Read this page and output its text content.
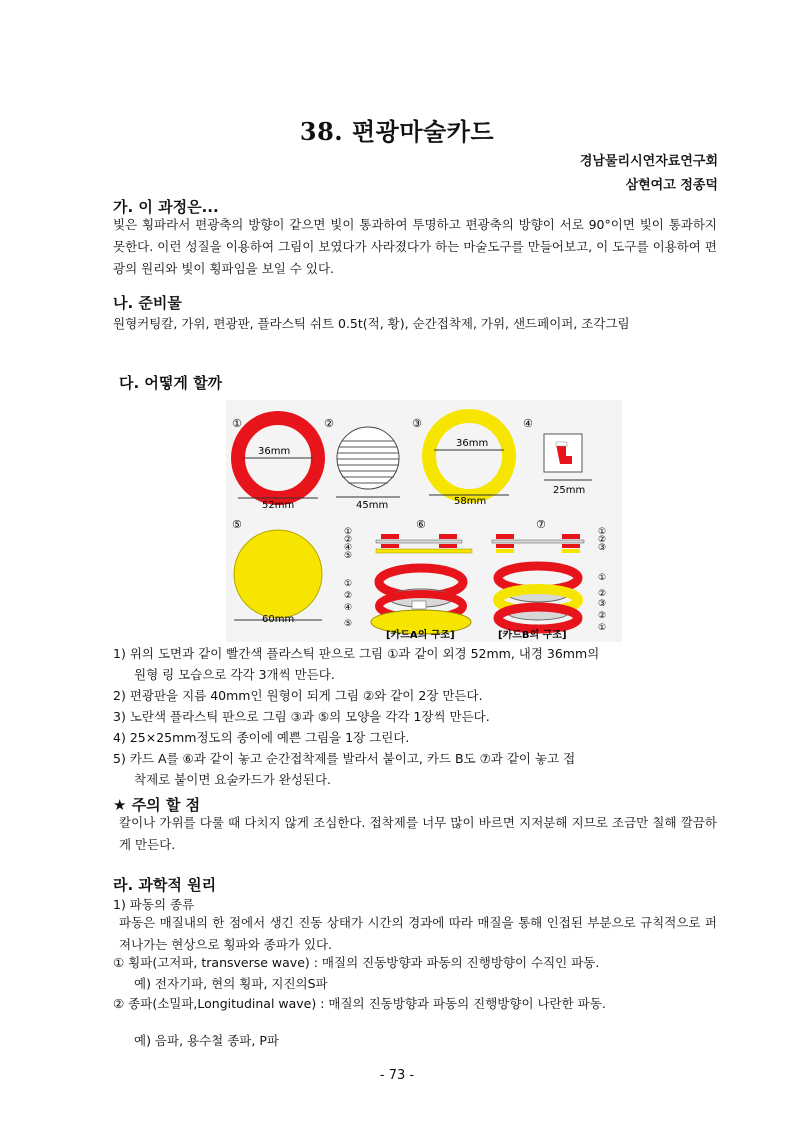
38. 편광마술카드
경남물리시연자료연구회
삼현여고 정종덕
가. 이 과정은...
빛은 횡파라서 편광축의 방향이 같으면 빛이 통과하여 투명하고 편광축의 방향이 서로 90°이면 빛이 통과하지 못한다. 이런 성질을 이용하여 그림이 보였다가 사라졌다가 하는 마술도구를 만들어보고, 이 도구를 이용하여 편광의 원리와 빛이 횡파임을 보일 수 있다.
나. 준비물
원형커팅칼, 가위, 편광판, 플라스틱 쉬트 0.5t(적, 황), 순간접착제, 가위, 샌드페이퍼, 조각그림
다. 어떻게 할까
①
36mm
52mm
②
45mm
③
36mm
58mm
④
25mm
⑤
60mm
⑥
①
②
④
⑤
⑦
①
②
③
①
②
④
⑤
①
②
③
②
①
[카드A의 구조]	[카드B의 구조]
1) 위의 도면과 같이 빨간색 플라스틱 판으로 그림 ①과 같이 외경 52mm, 내경 36mm의
원형 링 모습으로 각각 3개씩 만든다.
2) 편광판을 지름 40mm인 원형이 되게 그림 ②와 같이 2장 만든다.
3) 노란색 플라스틱 판으로 그림 ③과 ⑤의 모양을 각각 1장씩 만든다.
4) 25×25mm정도의 종이에 예쁜 그림을 1장 그린다.
5) 카드 A를 ⑥과 같이 놓고 순간접착제를 발라서 붙이고, 카드 B도 ⑦과 같이 놓고 접
착제로 붙이면 요술카드가 완성된다.
★ 주의 할 점
칼이나 가위를 다룰 때 다치지 않게 조심한다. 접착제를 너무 많이 바르면 지저분해 지므로 조금만 칠해 깔끔하게 만든다.
라. 과학적 원리
1) 파동의 종류
파동은 매질내의 한 점에서 생긴 진동 상태가 시간의 경과에 따라 매질을 통해 인접된 부분으로 규칙적으로 퍼져나가는 현상으로 횡파와 종파가 있다.
① 횡파(고저파, transverse wave) : 매질의 진동방향과 파동의 진행방향이 수직인 파동.
예) 전자기파, 현의 횡파, 지진의S파
② 종파(소밀파,Longitudinal wave) : 매질의 진동방향과 파동의 진행방향이 나란한 파동.
예) 음파, 용수철 종파, P파
- 73 -
